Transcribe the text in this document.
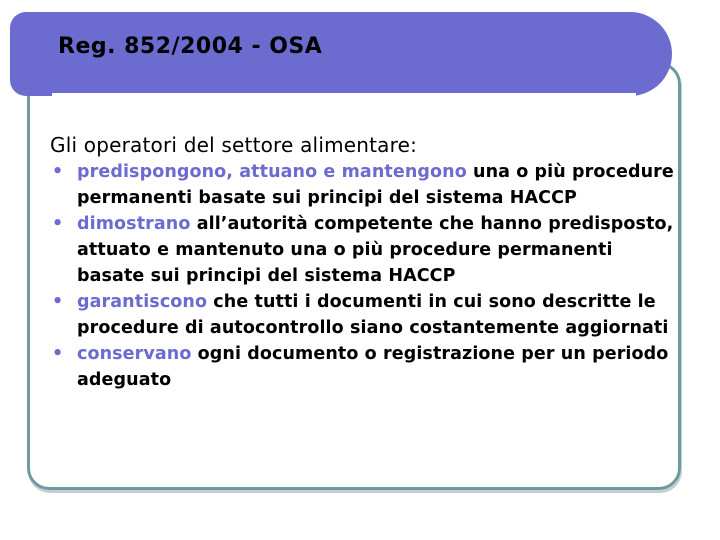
Reg. 852/2004 - OSA

Gli operatori del settore alimentare:

• predispongono, attuano e mantengono una o più procedure permanenti basate sui principi del sistema HACCP
• dimostrano all’autorità competente che hanno predisposto, attuato e mantenuto una o più procedure permanenti basate sui principi del sistema HACCP
• garantiscono che tutti i documenti in cui sono descritte le procedure di autocontrollo siano costantemente aggiornati
• conservano ogni documento o registrazione per un periodo adeguato
